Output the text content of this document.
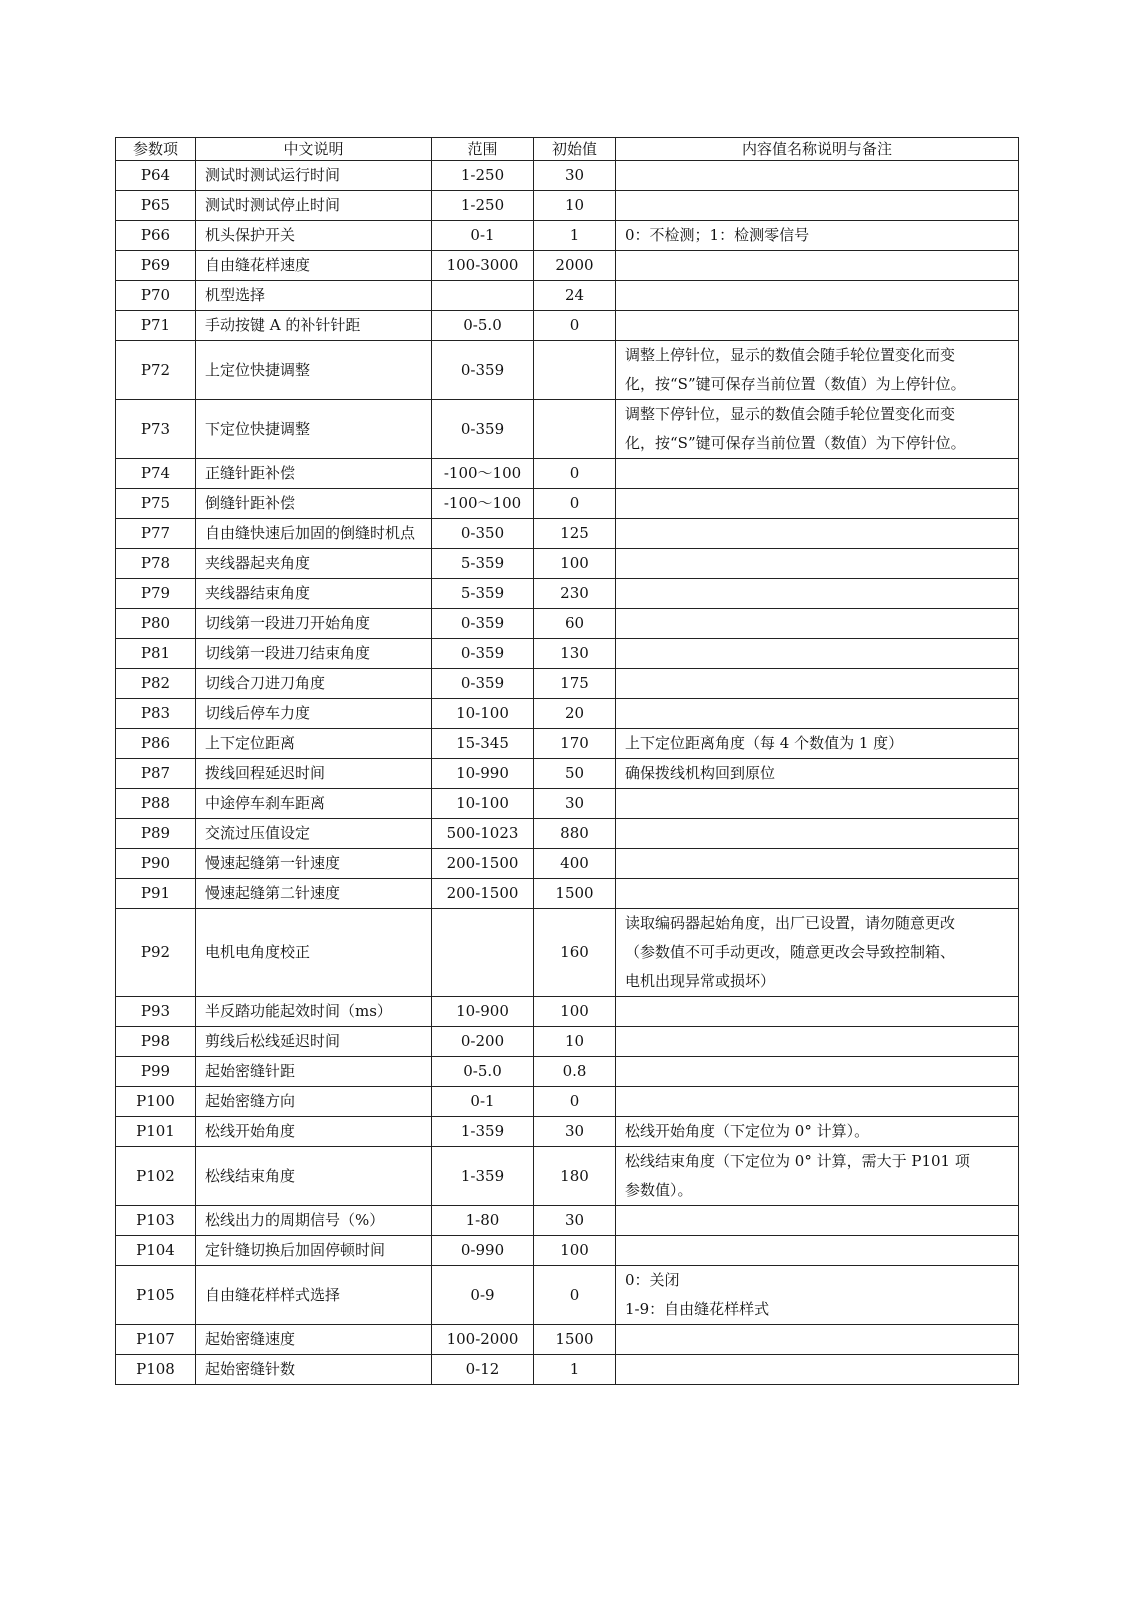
参数项	中文说明	范围	初始值	内容值名称说明与备注
P64	测试时测试运行时间	1-250	30	
P65	测试时测试停止时间	1-250	10	
P66	机头保护开关	0-1	1	0：不检测；1：检测零信号

P69	自由缝花样速度	100-3000	2000	
P70	机型选择		24	
P71	手动按键 A 的补针针距	0-5.0	0	
P72	上定位快捷调整	0-359		调整上停针位，显示的数值会随手轮位置变化而变
化，按“S”键可保存当前位置（数值）为上停针位。

P73	下定位快捷调整	0-359		调整下停针位，显示的数值会随手轮位置变化而变
化，按“S”键可保存当前位置（数值）为下停针位。

P74	正缝针距补偿	-100～100	0	
P75	倒缝针距补偿	-100～100	0	
P77	自由缝快速后加固的倒缝时机点	0-350	125	
P78	夹线器起夹角度	5-359	100	
P79	夹线器结束角度	5-359	230	
P80	切线第一段进刀开始角度	0-359	60	
P81	切线第一段进刀结束角度	0-359	130	
P82	切线合刀进刀角度	0-359	175	
P83	切线后停车力度	10-100	20	
P86	上下定位距离	15-345	170	上下定位距离角度（每 4 个数值为 1 度）

P87	拨线回程延迟时间	10-990	50	确保拨线机构回到原位

P88	中途停车刹车距离	10-100	30	
P89	交流过压值设定	500-1023	880	
P90	慢速起缝第一针速度	200-1500	400	
P91	慢速起缝第二针速度	200-1500	1500	
P92	电机电角度校正		160	读取编码器起始角度，出厂已设置，请勿随意更改
（参数值不可手动更改，随意更改会导致控制箱、
电机出现异常或损坏）

P93	半反踏功能起效时间（ms）	10-900	100	
P98	剪线后松线延迟时间	0-200	10	
P99	起始密缝针距	0-5.0	0.8	
P100	起始密缝方向	0-1	0	
P101	松线开始角度	1-359	30	松线开始角度（下定位为 0° 计算）。

P102	松线结束角度	1-359	180	松线结束角度（下定位为 0° 计算，需大于 P101 项
参数值）。

P103	松线出力的周期信号（%）	1-80	30	
P104	定针缝切换后加固停顿时间	0-990	100	
P105	自由缝花样样式选择	0-9	0	0：关闭
1-9：自由缝花样样式

P107	起始密缝速度	100-2000	1500	
P108	起始密缝针数	0-12	1	
